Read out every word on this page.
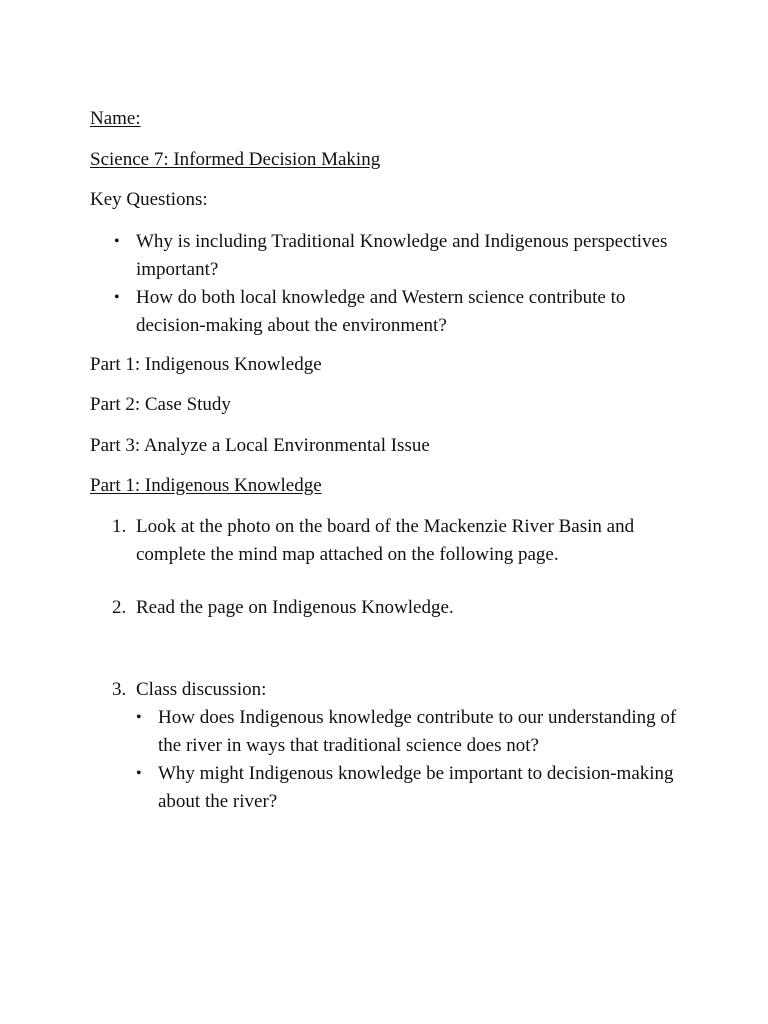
Name:

Science 7: Informed Decision Making

Key Questions:

• Why is including Traditional Knowledge and Indigenous perspectives important?
• How do both local knowledge and Western science contribute to decision-making about the environment?

Part 1: Indigenous Knowledge

Part 2: Case Study

Part 3: Analyze a Local Environmental Issue

Part 1: Indigenous Knowledge

1. Look at the photo on the board of the Mackenzie River Basin and complete the mind map attached on the following page.
2. Read the page on Indigenous Knowledge.
3. Class discussion:
• How does Indigenous knowledge contribute to our understanding of the river in ways that traditional science does not?
• Why might Indigenous knowledge be important to decision-making about the river?
